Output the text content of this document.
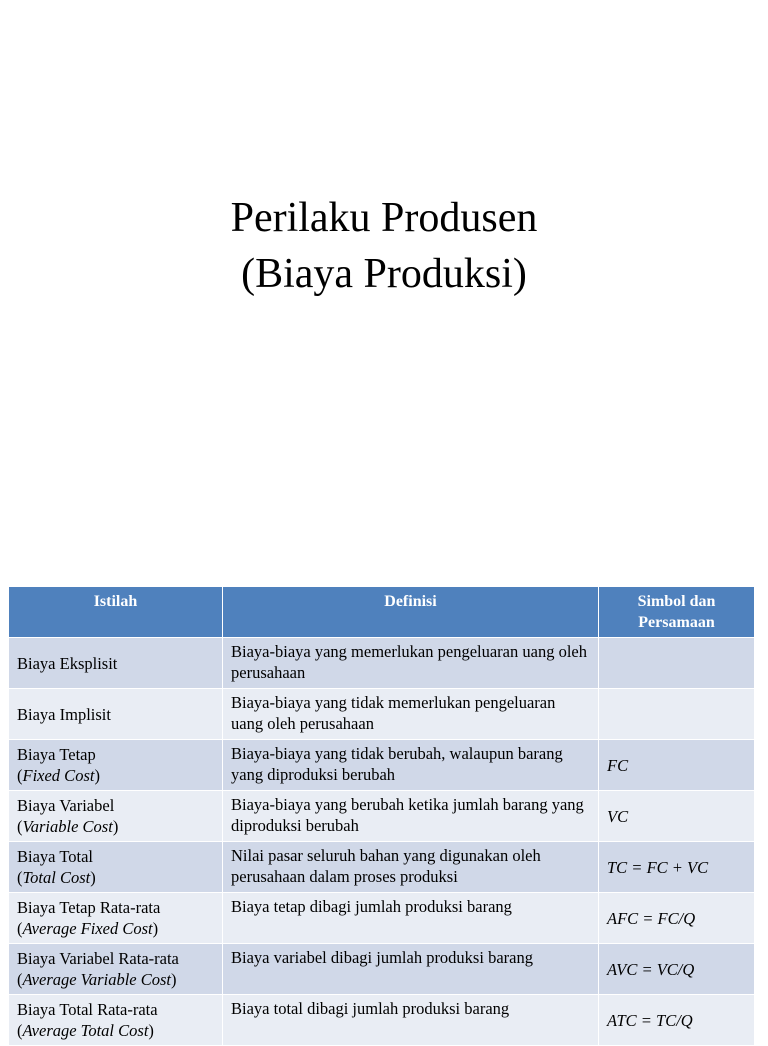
Perilaku Produsen
(Biaya Produksi)
Istilah	Definisi	Simbol dan
Persamaan
Biaya Eksplisit	Biaya-biaya yang memerlukan pengeluaran uang oleh perusahaan	
Biaya Implisit	Biaya-biaya yang tidak memerlukan pengeluaran uang oleh perusahaan	
Biaya Tetap
(Fixed Cost)	Biaya-biaya yang tidak berubah, walaupun barang yang diproduksi berubah	FC
Biaya Variabel
(Variable Cost)	Biaya-biaya yang berubah ketika jumlah barang yang diproduksi berubah	VC
Biaya Total
(Total Cost)	Nilai pasar seluruh bahan yang digunakan oleh perusahaan dalam proses produksi	TC = FC + VC
Biaya Tetap Rata-rata
(Average Fixed Cost)	Biaya tetap dibagi jumlah produksi barang	AFC = FC/Q
Biaya Variabel Rata-rata
(Average Variable Cost)	Biaya variabel dibagi jumlah produksi barang	AVC = VC/Q
Biaya Total Rata-rata
(Average Total Cost)	Biaya total dibagi jumlah produksi barang	ATC = TC/Q
